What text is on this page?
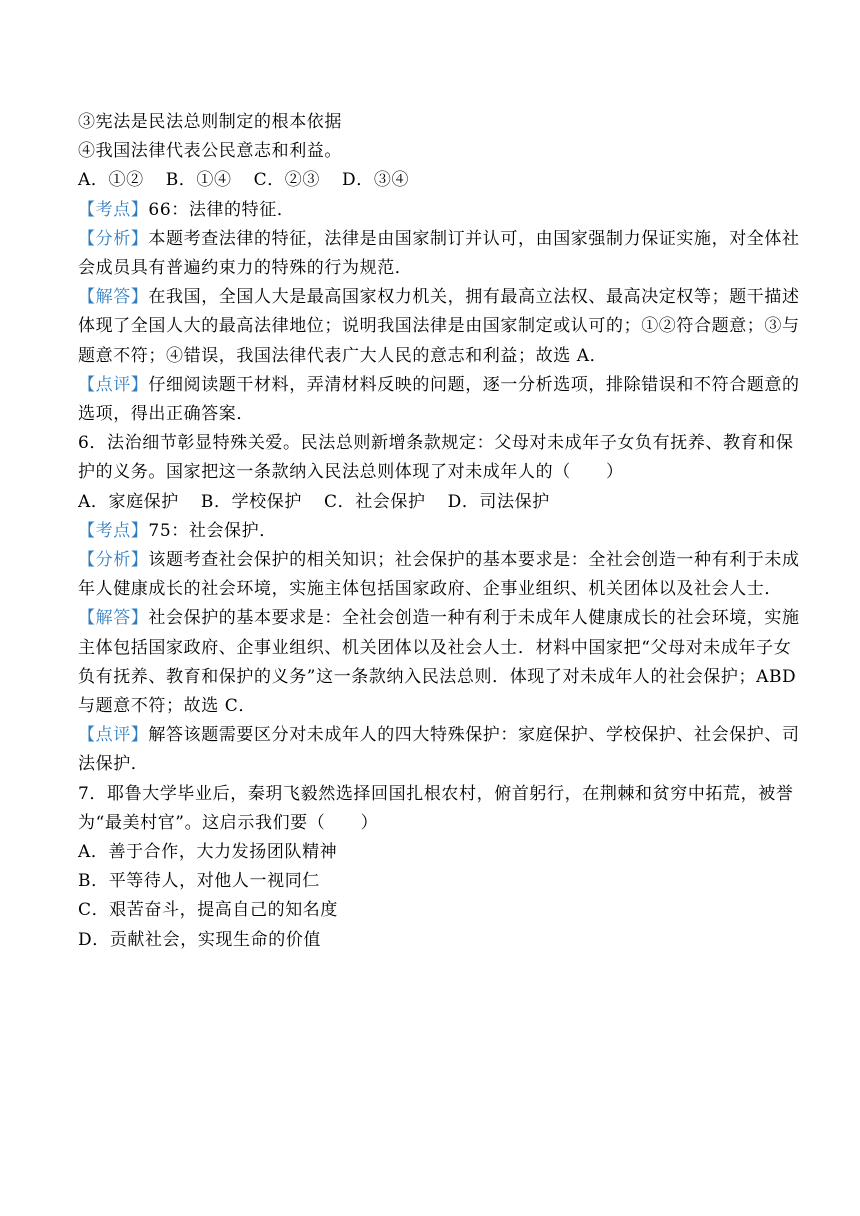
③宪法是民法总则制定的根本依据
④我国法律代表公民意志和利益。
A．①② B．①④ C．②③ D．③④
【考点】66：法律的特征．
【分析】本题考查法律的特征，法律是由国家制订并认可，由国家强制力保证实施，对全体社
会成员具有普遍约束力的特殊的行为规范．
【解答】在我国，全国人大是最高国家权力机关，拥有最高立法权、最高决定权等；题干描述
体现了全国人大的最高法律地位；说明我国法律是由国家制定或认可的；①②符合题意；③与
题意不符；④错误，我国法律代表广大人民的意志和利益；故选 A．
【点评】仔细阅读题干材料，弄清材料反映的问题，逐一分析选项，排除错误和不符合题意的
选项，得出正确答案．
6．法治细节彰显特殊关爱。民法总则新增条款规定：父母对未成年子女负有抚养、教育和保
护的义务。国家把这一条款纳入民法总则体现了对未成年人的（　　）
A．家庭保护 B．学校保护 C．社会保护 D．司法保护
【考点】75：社会保护．
【分析】该题考查社会保护的相关知识；社会保护的基本要求是：全社会创造一种有利于未成
年人健康成长的社会环境，实施主体包括国家政府、企事业组织、机关团体以及社会人士．
【解答】社会保护的基本要求是：全社会创造一种有利于未成年人健康成长的社会环境，实施
主体包括国家政府、企事业组织、机关团体以及社会人士．材料中国家把“父母对未成年子女
负有抚养、教育和保护的义务”这一条款纳入民法总则．体现了对未成年人的社会保护；ABD
与题意不符；故选 C．
【点评】解答该题需要区分对未成年人的四大特殊保护：家庭保护、学校保护、社会保护、司
法保护．
7．耶鲁大学毕业后，秦玥飞毅然选择回国扎根农村，俯首躬行，在荆棘和贫穷中拓荒，被誉
为“最美村官”。这启示我们要（　　）
A．善于合作，大力发扬团队精神
B．平等待人，对他人一视同仁
C．艰苦奋斗，提高自己的知名度
D．贡献社会，实现生命的价值
